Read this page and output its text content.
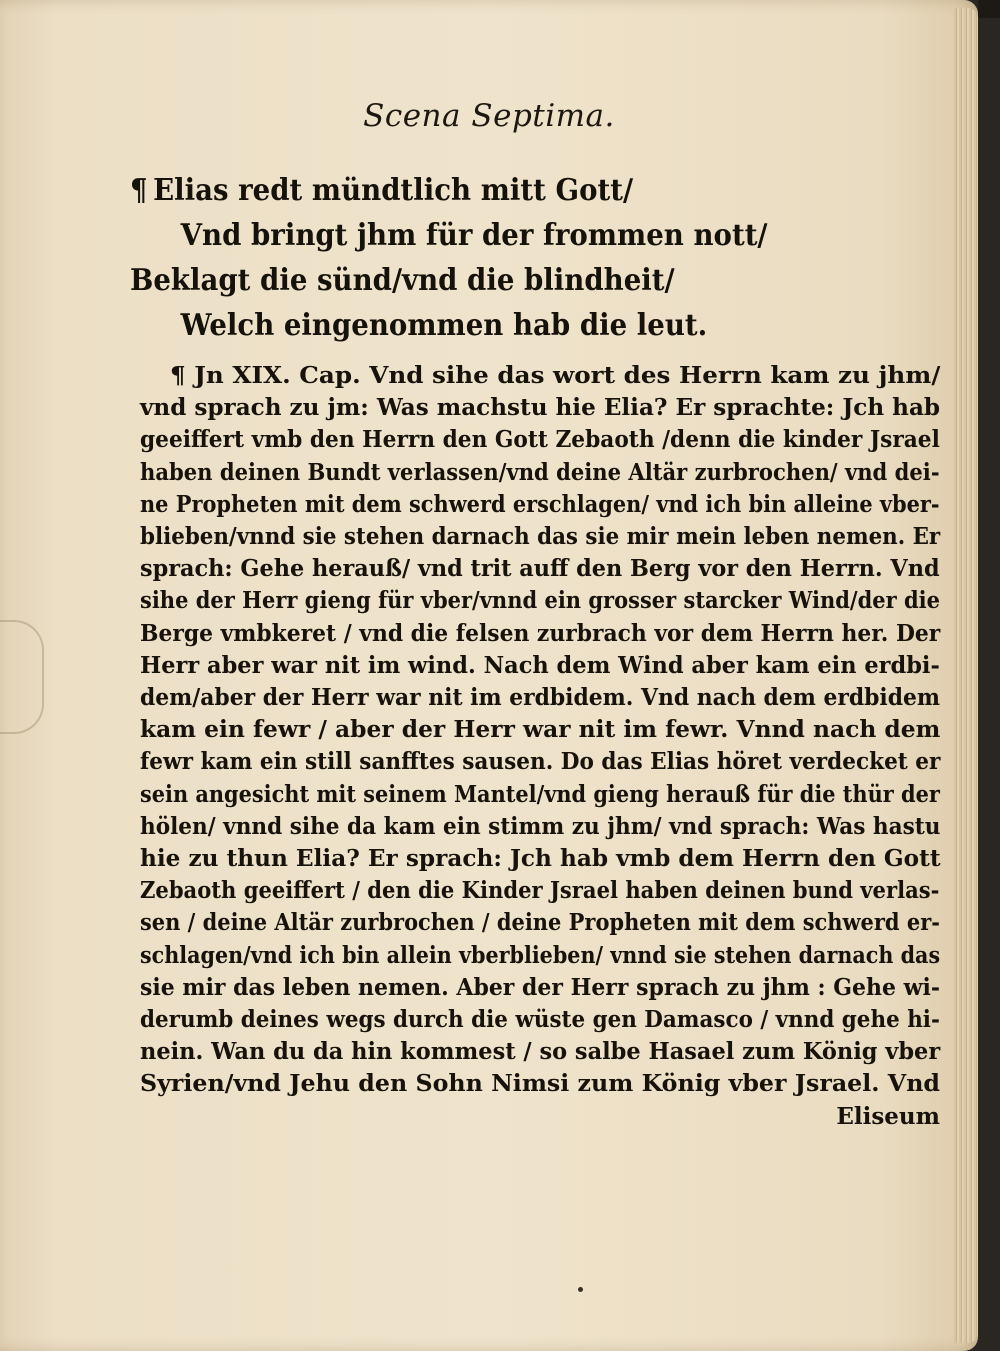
Scena Septima.
¶ Elias redt mündtlich mitt Gott/
Vnd bringt jhm für der frommen nott/
Beklagt die sünd/vnd die blindheit/
Welch eingenommen hab die leut.
¶ Jn XIX. Cap. Vnd sihe das wort des Herrn kam zu jhm/
vnd sprach zu jm: Was machstu hie Elia? Er sprachte: Jch hab
geeiffert vmb den Herrn den Gott Zebaoth /denn die kinder Jsrael
haben deinen Bundt verlassen/vnd deine Altär zurbrochen/ vnd dei-
ne Propheten mit dem schwerd erschlagen/ vnd ich bin alleine vber-
blieben/vnnd sie stehen darnach das sie mir mein leben nemen. Er
sprach: Gehe herauß/ vnd trit auff den Berg vor den Herrn. Vnd
sihe der Herr gieng für vber/vnnd ein grosser starcker Wind/der die
Berge vmbkeret / vnd die felsen zurbrach vor dem Herrn her. Der
Herr aber war nit im wind. Nach dem Wind aber kam ein erdbi-
dem/aber der Herr war nit im erdbidem. Vnd nach dem erdbidem
kam ein fewr / aber der Herr war nit im fewr. Vnnd nach dem
fewr kam ein still sanfftes sausen. Do das Elias höret verdecket er
sein angesicht mit seinem Mantel/vnd gieng herauß für die thür der
hölen/ vnnd sihe da kam ein stimm zu jhm/ vnd sprach: Was hastu
hie zu thun Elia? Er sprach: Jch hab vmb dem Herrn den Gott
Zebaoth geeiffert / den die Kinder Jsrael haben deinen bund verlas-
sen / deine Altär zurbrochen / deine Propheten mit dem schwerd er-
schlagen/vnd ich bin allein vberblieben/ vnnd sie stehen darnach das
sie mir das leben nemen. Aber der Herr sprach zu jhm : Gehe wi-
derumb deines wegs durch die wüste gen Damasco / vnnd gehe hi-
nein. Wan du da hin kommest / so salbe Hasael zum König vber
Syrien/vnd Jehu den Sohn Nimsi zum König vber Jsrael. Vnd
Eliseum
